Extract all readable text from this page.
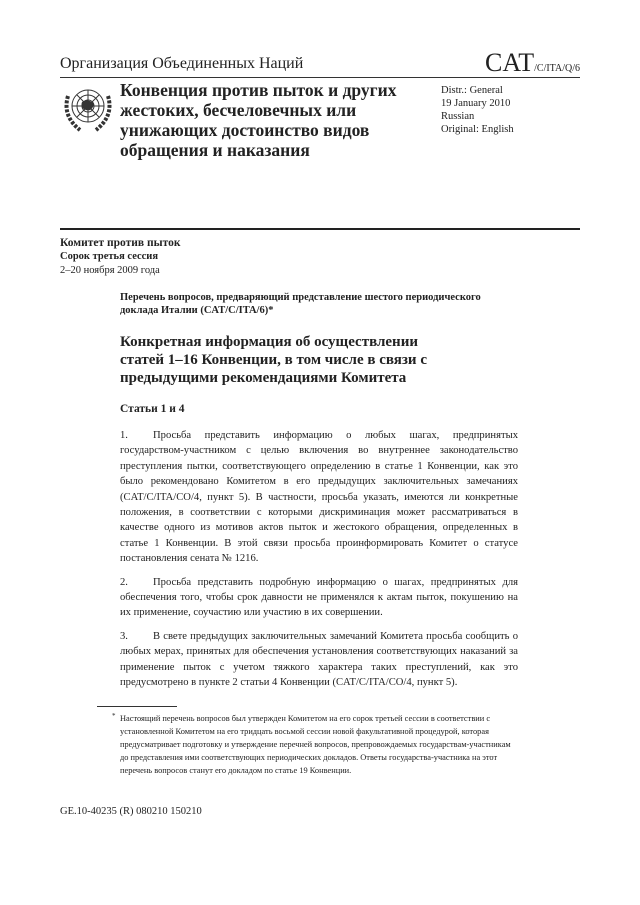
Организация Объединенных Наций	CAT/C/ITA/Q/6
Конвенция против пыток и других жестоких, бесчеловечных или унижающих достоинство видов обращения и наказания
Distr.: General
19 January 2010
Russian
Original: English
Комитет против пыток
Сорок третья сессия
2–20 ноября 2009 года
Перечень вопросов, предваряющий представление шестого периодического доклада Италии (CAT/C/ITA/6)*
Конкретная информация об осуществлении статей 1–16 Конвенции, в том числе в связи с предыдущими рекомендациями Комитета
Статьи 1 и 4

1. Просьба представить информацию о любых шагах, предпринятых государством-участником с целью включения во внутреннее законодательство преступления пытки, соответствующего определению в статье 1 Конвенции, как это было рекомендовано Комитетом в его предыдущих заключительных замечаниях (CAT/C/ITA/CO/4, пункт 5). В частности, просьба указать, имеются ли конкретные положения, в соответствии с которыми дискриминация может рассматриваться в качестве одного из мотивов актов пыток и жестокого обращения, определенных в статье 1 Конвенции. В этой связи просьба проинформировать Комитет о статусе постановления сената № 1216.

2. Просьба представить подробную информацию о шагах, предпринятых для обеспечения того, чтобы срок давности не применялся к актам пыток, покушению на их применение, соучастию или участию в их совершении.

3. В свете предыдущих заключительных замечаний Комитета просьба сообщить о любых мерах, принятых для обеспечения установления соответствующих наказаний за применение пыток с учетом тяжкого характера таких преступлений, как это предусмотрено в пункте 2 статьи 4 Конвенции (CAT/C/ITA/CO/4, пункт 5).

* Настоящий перечень вопросов был утвержден Комитетом на его сорок третьей сессии в соответствии с установленной Комитетом на его тридцать восьмой сессии новой факультативной процедурой, которая предусматривает подготовку и утверждение перечней вопросов, препровождаемых государствам-участникам до представления ими соответствующих периодических докладов. Ответы государства-участника на этот перечень вопросов станут его докладом по статье 19 Конвенции.
GE.10-40235 (R) 080210 150210
